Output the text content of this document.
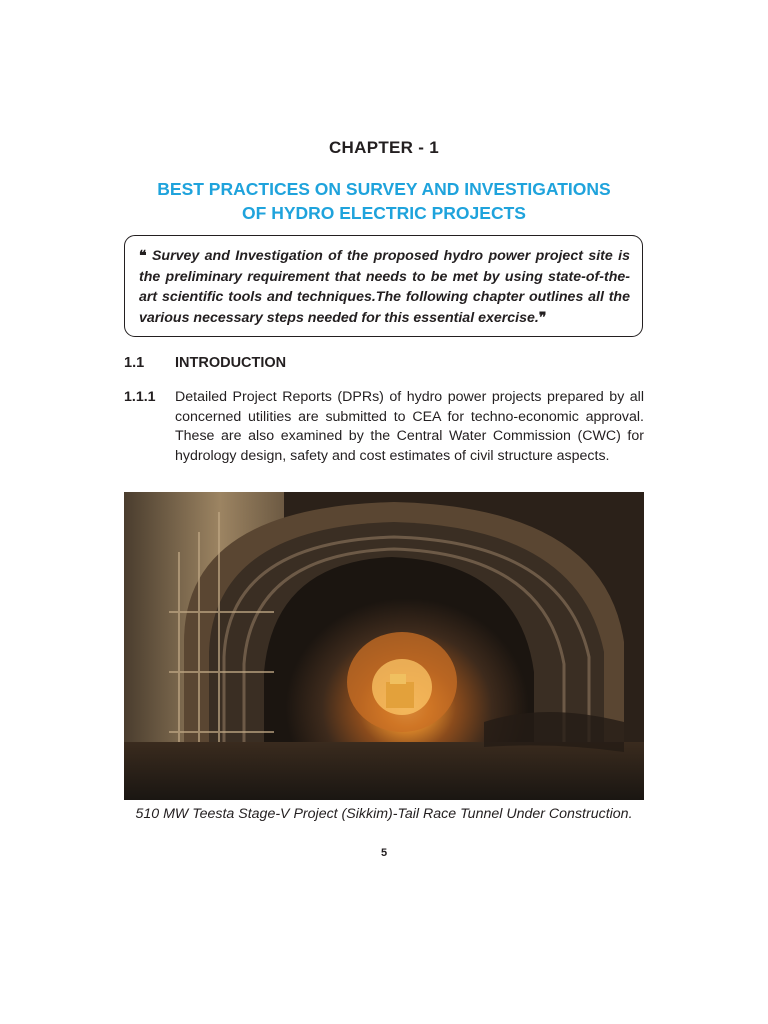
CHAPTER - 1
BEST PRACTICES ON SURVEY AND INVESTIGATIONS
OF HYDRO ELECTRIC PROJECTS
❝ Survey and Investigation of the proposed hydro power project site is the preliminary requirement that needs to be met by using state-of-the-art scientific tools and techniques.The following chapter outlines all the various necessary steps needed for this essential exercise.❞
1.1 INTRODUCTION
1.1.1 Detailed Project Reports (DPRs) of hydro power projects prepared by all concerned utilities are submitted to CEA for techno-economic approval. These are also examined by the Central Water Commission (CWC) for hydrology design, safety and cost estimates of civil structure aspects.
510 MW Teesta Stage-V Project (Sikkim)-Tail Race Tunnel Under Construction.
5
